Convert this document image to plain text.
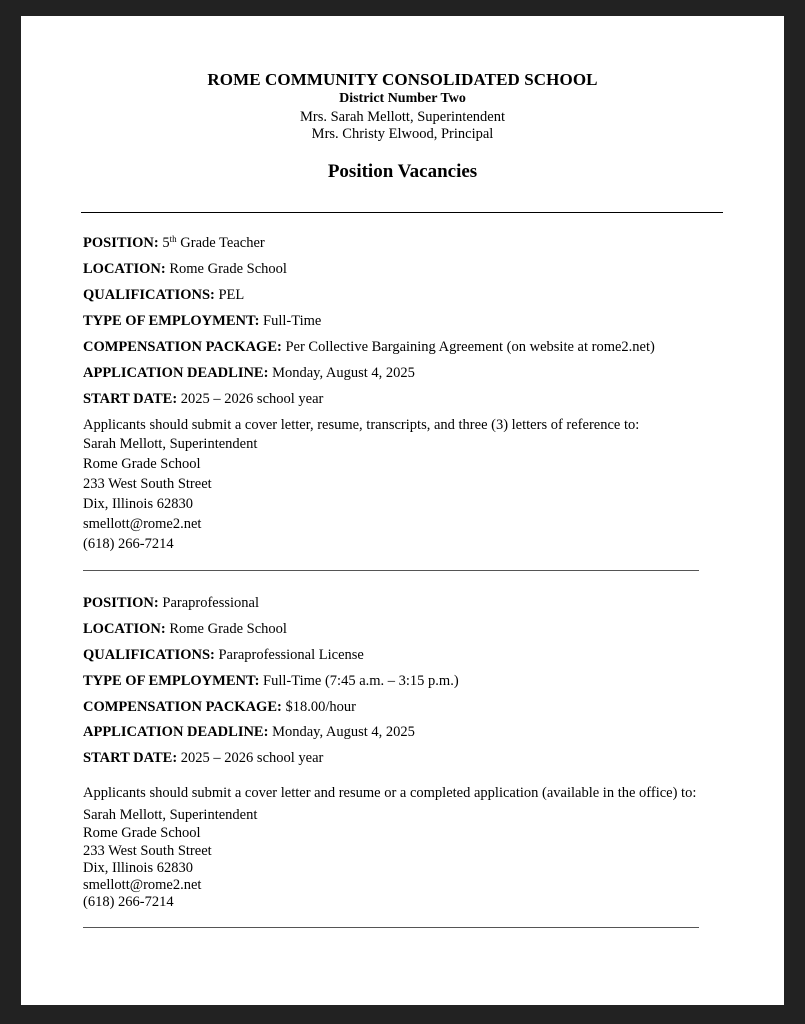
ROME COMMUNITY CONSOLIDATED SCHOOL
District Number Two
Mrs. Sarah Mellott, Superintendent
Mrs. Christy Elwood, Principal
Position Vacancies
POSITION: 5th Grade Teacher
LOCATION: Rome Grade School
QUALIFICATIONS: PEL
TYPE OF EMPLOYMENT: Full-Time
COMPENSATION PACKAGE: Per Collective Bargaining Agreement (on website at rome2.net)
APPLICATION DEADLINE: Monday, August 4, 2025
START DATE: 2025 – 2026 school year
Applicants should submit a cover letter, resume, transcripts, and three (3) letters of reference to:
Sarah Mellott, Superintendent
Rome Grade School
233 West South Street
Dix, Illinois 62830
smellott@rome2.net
(618) 266-7214
POSITION: Paraprofessional
LOCATION: Rome Grade School
QUALIFICATIONS: Paraprofessional License
TYPE OF EMPLOYMENT: Full-Time (7:45 a.m. – 3:15 p.m.)
COMPENSATION PACKAGE: $18.00/hour
APPLICATION DEADLINE: Monday, August 4, 2025
START DATE: 2025 – 2026 school year
Applicants should submit a cover letter and resume or a completed application (available in the office) to:
Sarah Mellott, Superintendent
Rome Grade School
233 West South Street
Dix, Illinois 62830
smellott@rome2.net
(618) 266-7214
